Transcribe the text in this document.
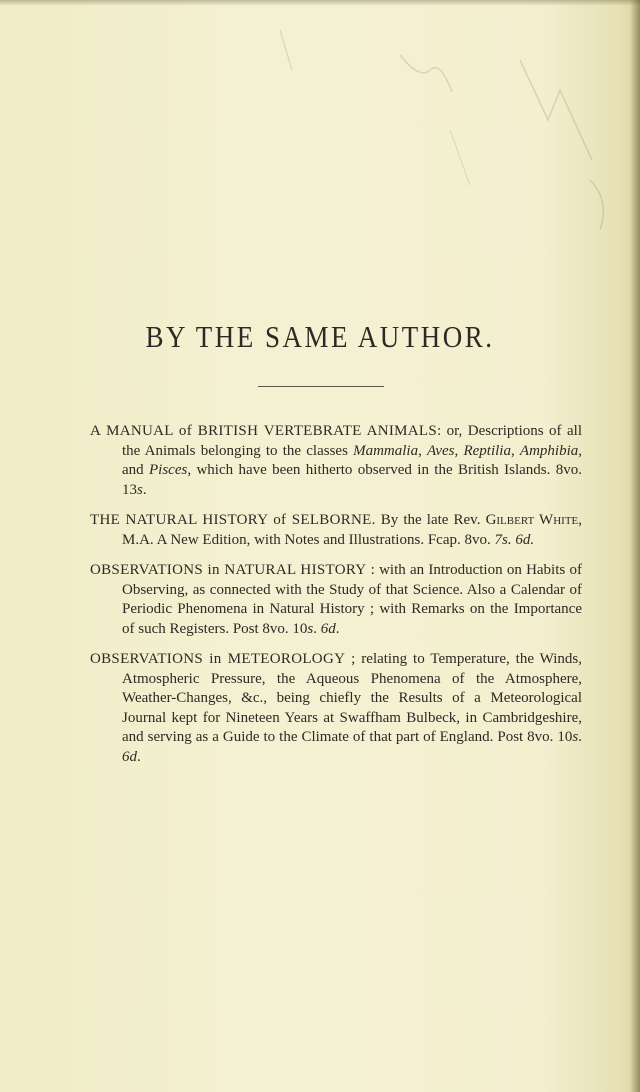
BY THE SAME AUTHOR.

A MANUAL of BRITISH VERTEBRATE ANIMALS: or, Descriptions of all the Animals belonging to the classes Mammalia, Aves, Reptilia, Amphibia, and Pisces, which have been hitherto observed in the British Islands. 8vo. 13s.

THE NATURAL HISTORY of SELBORNE. By the late Rev. Gilbert White, M.A. A New Edition, with Notes and Illustrations. Fcap. 8vo. 7s. 6d.

OBSERVATIONS in NATURAL HISTORY : with an Introduction on Habits of Observing, as connected with the Study of that Science. Also a Calendar of Periodic Phenomena in Natural History ; with Remarks on the Importance of such Registers. Post 8vo. 10s. 6d.

OBSERVATIONS in METEOROLOGY ; relating to Temperature, the Winds, Atmospheric Pressure, the Aqueous Phenomena of the Atmosphere, Weather-Changes, &c., being chiefly the Results of a Meteorological Journal kept for Nineteen Years at Swaffham Bulbeck, in Cambridgeshire, and serving as a Guide to the Climate of that part of England. Post 8vo. 10s. 6d.
